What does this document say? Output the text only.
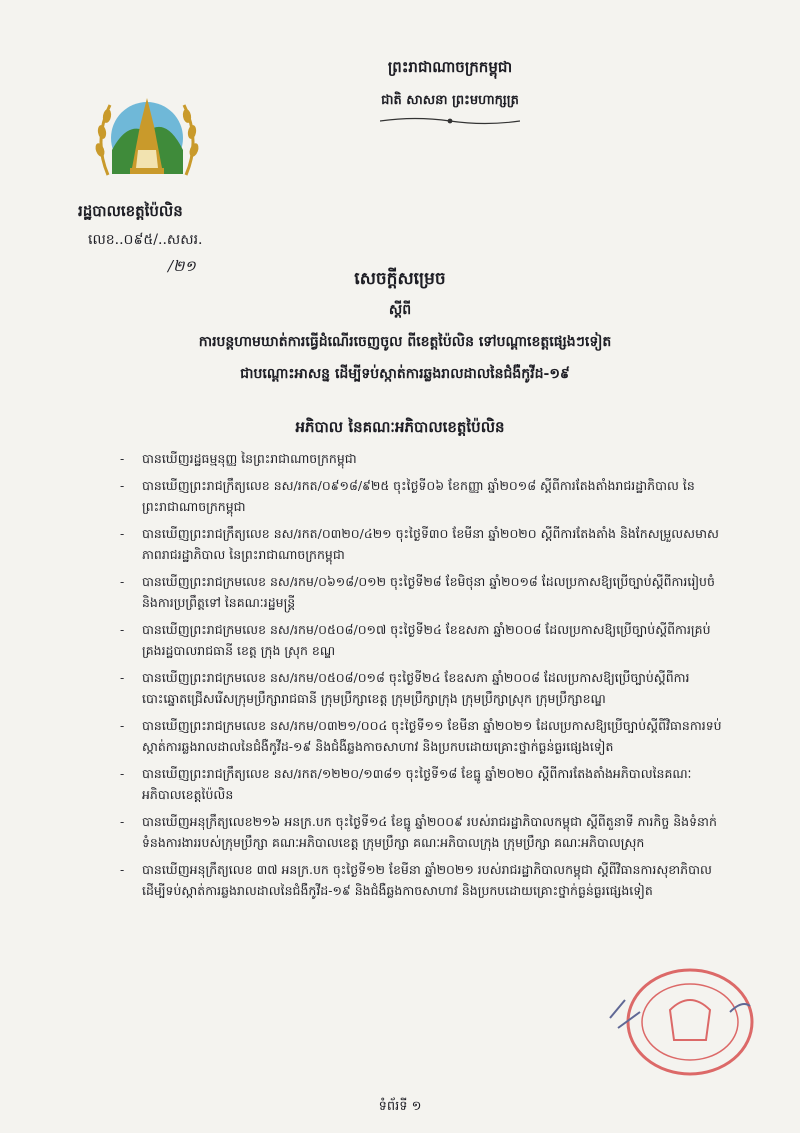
ព្រះរាជាណាចក្រកម្ពុជា
ជាតិ សាសនា ព្រះមហាក្សត្រ
រដ្ឋបាលខេត្តប៉ៃលិន
លេខ..០៩៥/..សសរ.
/២១
សេចក្តីសម្រេច
ស្តីពី
ការបន្តហាមឃាត់ការធ្វើដំណើរចេញចូល ពីខេត្តប៉ៃលិន ទៅបណ្តាខេត្តផ្សេងៗទៀត
ជាបណ្តោះអាសន្ន ដើម្បីទប់ស្កាត់ការឆ្លងរាលដាលនៃជំងឺកូវីដ-១៩
អភិបាល នៃគណៈអភិបាលខេត្តប៉ៃលិន
- បានឃើញរដ្ឋធម្មនុញ្ញ នៃព្រះរាជាណាចក្រកម្ពុជា
- បានឃើញព្រះរាជក្រឹត្យលេខ នស/រកត/០៩១៨/៩២៥ ចុះថ្ងៃទី០៦ ខែកញ្ញា ឆ្នាំ២០១៨ ស្តីពីការតែងតាំងរាជរដ្ឋាភិបាល នៃព្រះរាជាណាចក្រកម្ពុជា
- បានឃើញព្រះរាជក្រឹត្យលេខ នស/រកត/០៣២០/៤២១ ចុះថ្ងៃទី៣០ ខែមីនា ឆ្នាំ២០២០ ស្តីពីការតែងតាំង និងកែសម្រួលសមាសភាពរាជរដ្ឋាភិបាល នៃព្រះរាជាណាចក្រកម្ពុជា
- បានឃើញព្រះរាជក្រមលេខ នស/រកម/០៦១៨/០១២ ចុះថ្ងៃទី២៨ ខែមិថុនា ឆ្នាំ២០១៨ ដែលប្រកាសឱ្យប្រើច្បាប់ស្តីពីការរៀបចំ និងការប្រព្រឹត្តទៅ នៃគណៈរដ្ឋមន្ត្រី
- បានឃើញព្រះរាជក្រមលេខ នស/រកម/០៥០៨/០១៧ ចុះថ្ងៃទី២៤ ខែឧសភា ឆ្នាំ២០០៨ ដែលប្រកាសឱ្យប្រើច្បាប់ស្តីពីការគ្រប់គ្រងរដ្ឋបាលរាជធានី ខេត្ត ក្រុង ស្រុក ខណ្ឌ
- បានឃើញព្រះរាជក្រមលេខ នស/រកម/០៥០៨/០១៨ ចុះថ្ងៃទី២៤ ខែឧសភា ឆ្នាំ២០០៨ ដែលប្រកាសឱ្យប្រើច្បាប់ស្តីពីការបោះឆ្នោតជ្រើសរើសក្រុមប្រឹក្សារាជធានី ក្រុមប្រឹក្សាខេត្ត ក្រុមប្រឹក្សាក្រុង ក្រុមប្រឹក្សាស្រុក ក្រុមប្រឹក្សាខណ្ឌ
- បានឃើញព្រះរាជក្រមលេខ នស/រកម/០៣២១/០០៤ ចុះថ្ងៃទី១១ ខែមីនា ឆ្នាំ២០២១ ដែលប្រកាសឱ្យប្រើច្បាប់ស្តីពីវិធានការទប់ស្កាត់ការឆ្លងរាលដាលនៃជំងឺកូវីដ-១៩ និងជំងឺឆ្លងកាចសាហាវ និងប្រកបដោយគ្រោះថ្នាក់ធ្ងន់ធ្ងរផ្សេងទៀត
- បានឃើញព្រះរាជក្រឹត្យលេខ នស/រកត/១២២០/១៣៨១ ចុះថ្ងៃទី១៨ ខែធ្នូ ឆ្នាំ២០២០ ស្តីពីការតែងតាំងអភិបាលនៃគណៈអភិបាលខេត្តប៉ៃលិន
- បានឃើញអនុក្រឹត្យលេខ២១៦ អនក្រ.បក ចុះថ្ងៃទី១៤ ខែធ្នូ ឆ្នាំ២០០៩ របស់រាជរដ្ឋាភិបាលកម្ពុជា ស្តីពីតួនាទី ភារកិច្ច និងទំនាក់ទំនងការងាររបស់ក្រុមប្រឹក្សា គណៈអភិបាលខេត្ត ក្រុមប្រឹក្សា គណៈអភិបាលក្រុង ក្រុមប្រឹក្សា គណៈអភិបាលស្រុក
- បានឃើញអនុក្រឹត្យលេខ ៣៧ អនក្រ.បក ចុះថ្ងៃទី១២ ខែមីនា ឆ្នាំ២០២១ របស់រាជរដ្ឋាភិបាលកម្ពុជា ស្តីពីវិធានការសុខាភិបាល ដើម្បីទប់ស្កាត់ការឆ្លងរាលដាលនៃជំងឺកូវីដ-១៩ និងជំងឺឆ្លងកាចសាហាវ និងប្រកបដោយគ្រោះថ្នាក់ធ្ងន់ធ្ងរផ្សេងទៀត
ទំព័រទី ១
